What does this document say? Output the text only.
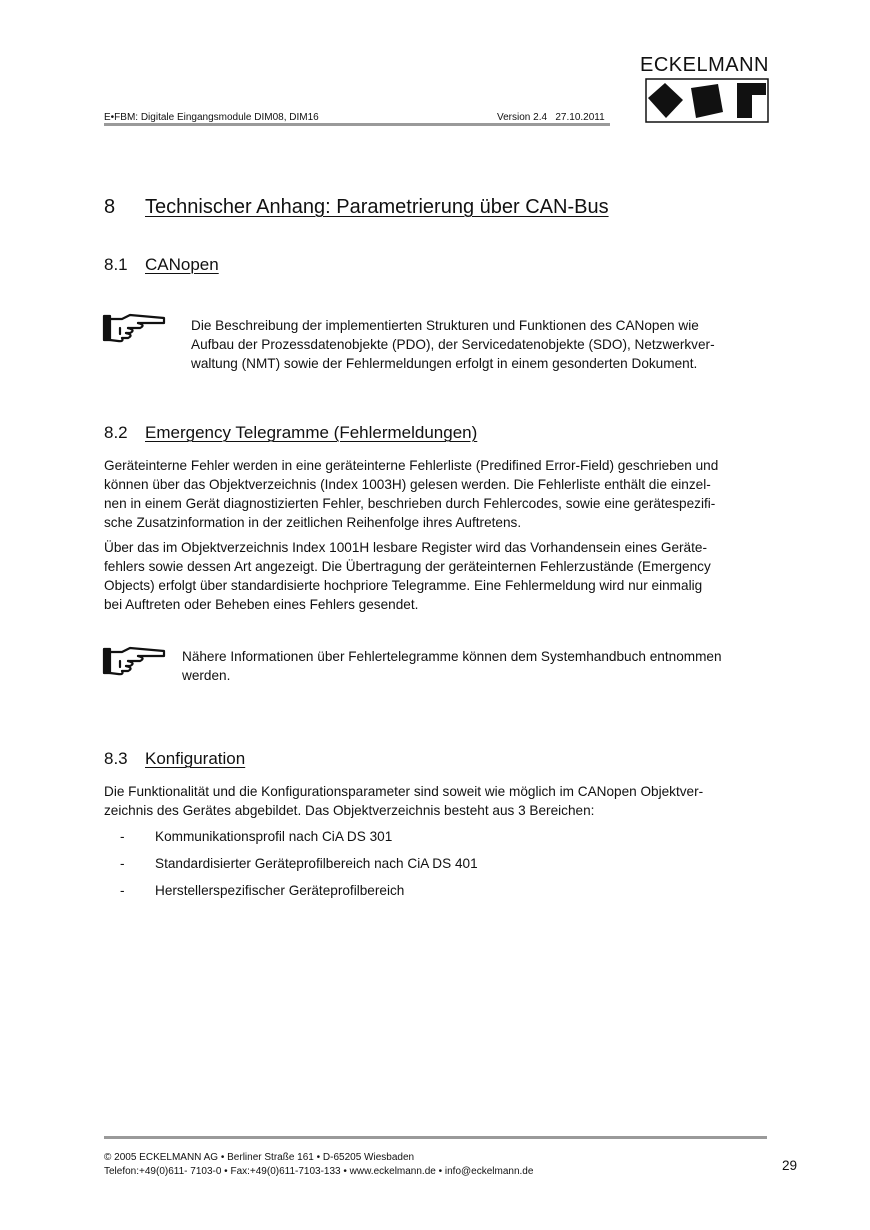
E•FBM: Digitale Eingangsmodule DIM08, DIM16	Version 2.4   27.10.2011
ECKELMANN
8 Technischer Anhang: Parametrierung über CAN-Bus
8.1 CANopen
Die Beschreibung der implementierten Strukturen und Funktionen des CANopen wie
Aufbau der Prozessdatenobjekte (PDO), der Servicedatenobjekte (SDO), Netzwerkver-
waltung (NMT) sowie der Fehlermeldungen erfolgt in einem gesonderten Dokument.
8.2 Emergency Telegramme (Fehlermeldungen)
Geräteinterne Fehler werden in eine geräteinterne Fehlerliste (Predifined Error-Field) geschrieben und
können über das Objektverzeichnis (Index 1003H) gelesen werden. Die Fehlerliste enthält die einzel-
nen in einem Gerät diagnostizierten Fehler, beschrieben durch Fehlercodes, sowie eine gerätespezifi-
sche Zusatzinformation in der zeitlichen Reihenfolge ihres Auftretens.
Über das im Objektverzeichnis Index 1001H lesbare Register wird das Vorhandensein eines Geräte-
fehlers sowie dessen Art angezeigt. Die Übertragung der geräteinternen Fehlerzustände (Emergency
Objects) erfolgt über standardisierte hochpriore Telegramme. Eine Fehlermeldung wird nur einmalig
bei Auftreten oder Beheben eines Fehlers gesendet.
Nähere Informationen über Fehlertelegramme können dem Systemhandbuch entnommen
werden.
8.3 Konfiguration
Die Funktionalität und die Konfigurationsparameter sind soweit wie möglich im CANopen Objektver-
zeichnis des Gerätes abgebildet. Das Objektverzeichnis besteht aus 3 Bereichen:
- Kommunikationsprofil nach CiA DS 301
- Standardisierter Geräteprofilbereich nach CiA DS 401
- Herstellerspezifischer Geräteprofilbereich
© 2005 ECKELMANN AG • Berliner Straße 161 • D-65205 Wiesbaden
Telefon:+49(0)611- 7103-0 • Fax:+49(0)611-7103-133 • www.eckelmann.de • info@eckelmann.de	29
